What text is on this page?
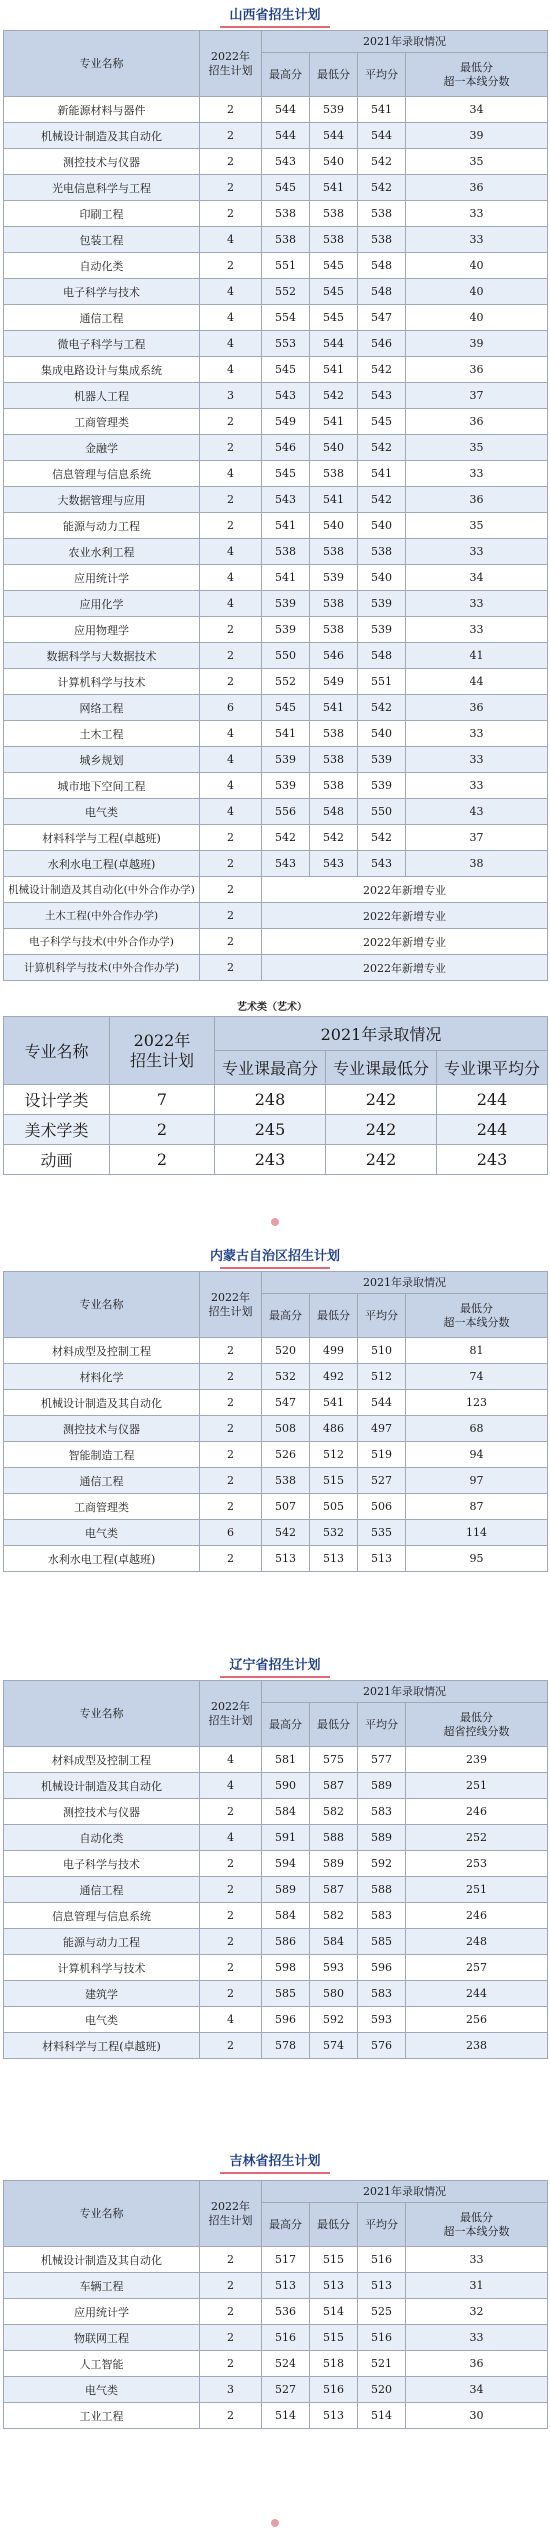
山西省招生计划
专业名称	2022年
招生计划	2021年录取情况			
		最高分	最低分	平均分	最低分
超一本线分数
新能源材料与器件	2	544	539	541	34
机械设计制造及其自动化	2	544	544	544	39
测控技术与仪器	2	543	540	542	35
光电信息科学与工程	2	545	541	542	36
印刷工程	2	538	538	538	33
包装工程	4	538	538	538	33
自动化类	2	551	545	548	40
电子科学与技术	4	552	545	548	40
通信工程	4	554	545	547	40
微电子科学与工程	4	553	544	546	39
集成电路设计与集成系统	4	545	541	542	36
机器人工程	3	543	542	543	37
工商管理类	2	549	541	545	36
金融学	2	546	540	542	35
信息管理与信息系统	4	545	538	541	33
大数据管理与应用	2	543	541	542	36
能源与动力工程	2	541	540	540	35
农业水利工程	4	538	538	538	33
应用统计学	4	541	539	540	34
应用化学	4	539	538	539	33
应用物理学	2	539	538	539	33
数据科学与大数据技术	2	550	546	548	41
计算机科学与技术	2	552	549	551	44
网络工程	6	545	541	542	36
土木工程	4	541	538	540	33
城乡规划	4	539	538	539	33
城市地下空间工程	4	539	538	539	33
电气类	4	556	548	550	43
材料科学与工程(卓越班)	2	542	542	542	37
水利水电工程(卓越班)	2	543	543	543	38
机械设计制造及其自动化(中外合作办学)	2	2022年新增专业			
土木工程(中外合作办学)	2	2022年新增专业			
电子科学与技术(中外合作办学)	2	2022年新增专业			
计算机科学与技术(中外合作办学)	2	2022年新增专业			
艺术类（艺术）
专业名称	2022年
招生计划	2021年录取情况		
		专业课最高分	专业课最低分	专业课平均分
设计学类	7	248	242	244
美术学类	2	245	242	244
动画	2	243	242	243
内蒙古自治区招生计划
专业名称	2022年
招生计划	2021年录取情况			
		最高分	最低分	平均分	最低分
超一本线分数
材料成型及控制工程	2	520	499	510	81
材料化学	2	532	492	512	74
机械设计制造及其自动化	2	547	541	544	123
测控技术与仪器	2	508	486	497	68
智能制造工程	2	526	512	519	94
通信工程	2	538	515	527	97
工商管理类	2	507	505	506	87
电气类	6	542	532	535	114
水利水电工程(卓越班)	2	513	513	513	95
辽宁省招生计划
专业名称	2022年
招生计划	2021年录取情况			
		最高分	最低分	平均分	最低分
超省控线分数
材料成型及控制工程	4	581	575	577	239
机械设计制造及其自动化	4	590	587	589	251
测控技术与仪器	2	584	582	583	246
自动化类	4	591	588	589	252
电子科学与技术	2	594	589	592	253
通信工程	2	589	587	588	251
信息管理与信息系统	2	584	582	583	246
能源与动力工程	2	586	584	585	248
计算机科学与技术	2	598	593	596	257
建筑学	2	585	580	583	244
电气类	4	596	592	593	256
材料科学与工程(卓越班)	2	578	574	576	238
吉林省招生计划
专业名称	2022年
招生计划	2021年录取情况			
		最高分	最低分	平均分	最低分
超一本线分数
机械设计制造及其自动化	2	517	515	516	33
车辆工程	2	513	513	513	31
应用统计学	2	536	514	525	32
物联网工程	2	516	515	516	33
人工智能	2	524	518	521	36
电气类	3	527	516	520	34
工业工程	2	514	513	514	30
